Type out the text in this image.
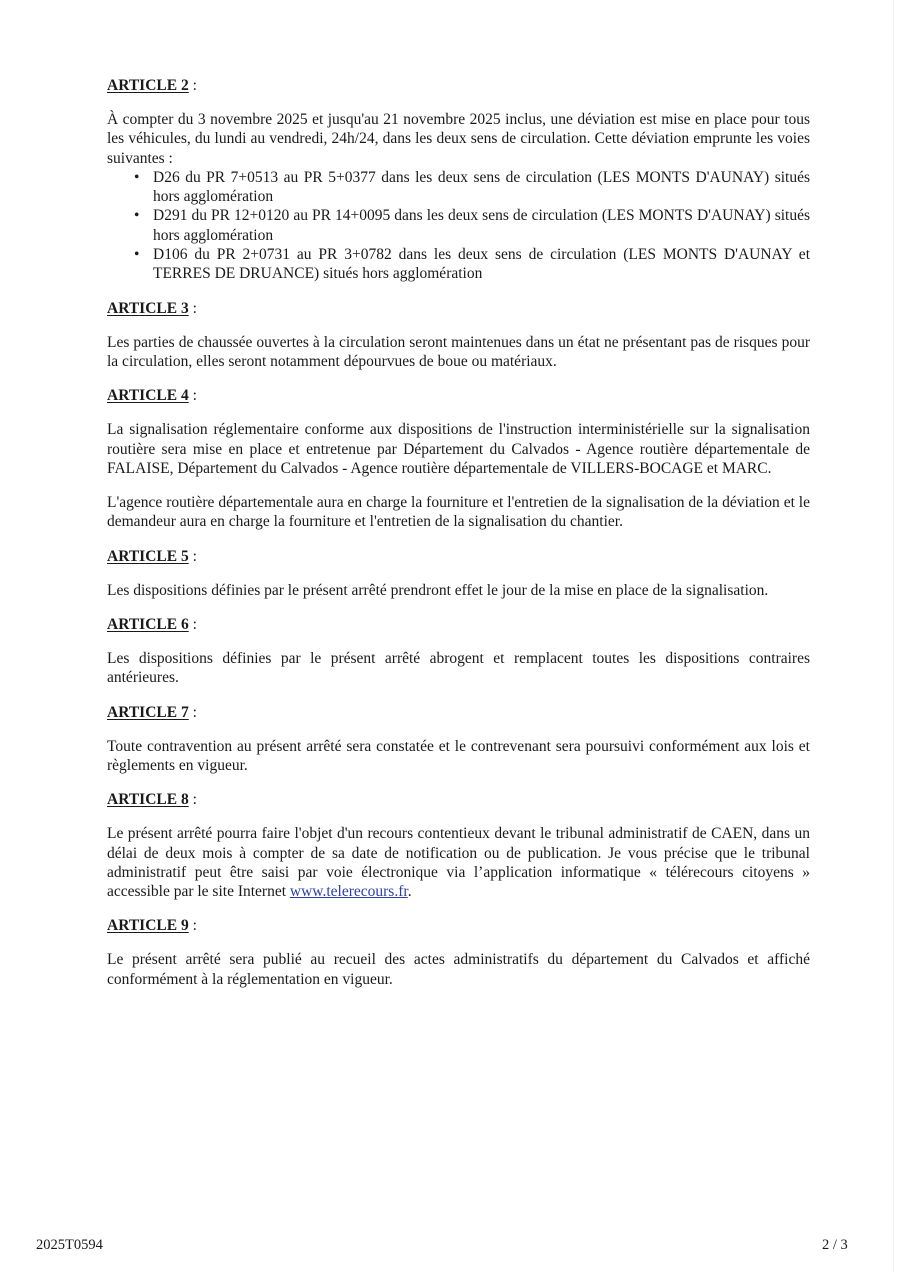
ARTICLE 2 :

À compter du 3 novembre 2025 et jusqu'au 21 novembre 2025 inclus, une déviation est mise en place pour tous les véhicules, du lundi au vendredi, 24h/24, dans les deux sens de circulation. Cette déviation emprunte les voies suivantes :

• D26 du PR 7+0513 au PR 5+0377 dans les deux sens de circulation (LES MONTS D'AUNAY) situés hors agglomération
• D291 du PR 12+0120 au PR 14+0095 dans les deux sens de circulation (LES MONTS D'AUNAY) situés hors agglomération
• D106 du PR 2+0731 au PR 3+0782 dans les deux sens de circulation (LES MONTS D'AUNAY et TERRES DE DRUANCE) situés hors agglomération

ARTICLE 3 :

Les parties de chaussée ouvertes à la circulation seront maintenues dans un état ne présentant pas de risques pour la circulation, elles seront notamment dépourvues de boue ou matériaux.

ARTICLE 4 :

La signalisation réglementaire conforme aux dispositions de l'instruction interministérielle sur la signalisation routière sera mise en place et entretenue par Département du Calvados - Agence routière départementale de FALAISE, Département du Calvados - Agence routière départementale de VILLERS-BOCAGE et MARC.

L'agence routière départementale aura en charge la fourniture et l'entretien de la signalisation de la déviation et le demandeur aura en charge la fourniture et l'entretien de la signalisation du chantier.

ARTICLE 5 :

Les dispositions définies par le présent arrêté prendront effet le jour de la mise en place de la signalisation.

ARTICLE 6 :

Les dispositions définies par le présent arrêté abrogent et remplacent toutes les dispositions contraires antérieures.

ARTICLE 7 :

Toute contravention au présent arrêté sera constatée et le contrevenant sera poursuivi conformément aux lois et règlements en vigueur.

ARTICLE 8 :

Le présent arrêté pourra faire l'objet d'un recours contentieux devant le tribunal administratif de CAEN, dans un délai de deux mois à compter de sa date de notification ou de publication. Je vous précise que le tribunal administratif peut être saisi par voie électronique via l’application informatique « télérecours citoyens » accessible par le site Internet www.telerecours.fr.

ARTICLE 9 :

Le présent arrêté sera publié au recueil des actes administratifs du département du Calvados et affiché conformément à la réglementation en vigueur.

2025T0594	2 / 3
